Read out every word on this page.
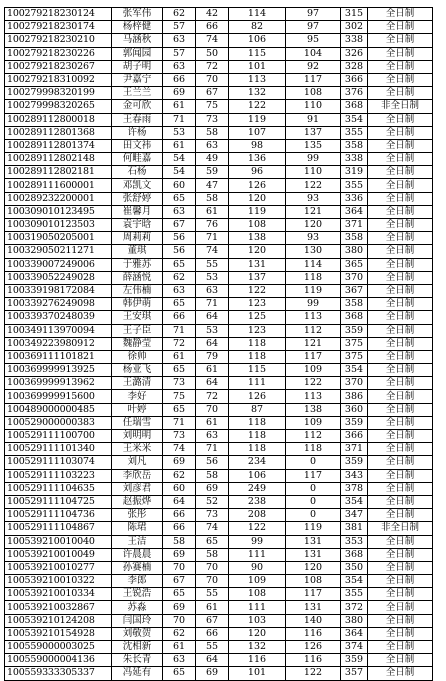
100279218230124	张军伟	62	42	114	97	315	全日制
100279218230174	杨梓健	57	66	82	97	302	全日制
100279218230210	马涵秋	63	74	106	95	338	全日制
100279218230226	郭闻园	57	50	115	104	326	全日制
100279218230267	胡子明	63	72	101	92	328	全日制
100279218310092	尹嘉宁	66	70	113	117	366	全日制
100279998320199	王兰兰	69	67	132	108	376	全日制
100279998320265	金可欣	61	75	122	110	368	非全日制
100289112800018	王春雨	71	73	119	91	354	全日制
100289112801368	许杨	53	58	107	137	355	全日制
100289112801374	田文祎	61	63	98	135	358	全日制
100289112802148	何畦嘉	54	49	136	99	338	全日制
100289112802181	石杨	54	59	96	110	319	全日制
100289111600001	邓凯文	60	47	126	122	355	全日制
100289232200001	张舒婷	65	58	120	93	336	全日制
100309010123495	崔馨月	63	61	119	121	364	全日制
100309010123503	袁宇晗	67	76	108	120	371	全日制
100319050205001	周莉莉	56	71	138	93	358	全日制
100329050211271	董琪	56	74	120	130	380	全日制
100339007249006	于雅苏	65	55	131	114	365	全日制
100339052249028	薛涵悦	62	53	137	118	370	全日制
100339198172084	左伟楠	63	63	122	119	367	全日制
100339276249098	韩伊萌	65	71	123	99	358	全日制
100339370248039	王安琪	66	64	125	113	368	全日制
100349113970094	王子臣	71	53	123	112	359	全日制
100349223980912	魏静莹	72	64	118	121	375	全日制
100369111101821	徐帅	61	79	118	117	375	全日制
100369999913925	杨亚飞	65	61	115	109	354	全日制
100369999913962	王潞清	73	64	111	122	370	全日制
100369999915600	李好	75	72	126	113	386	全日制
100489000000485	叶婷	65	70	87	138	360	全日制
100529000000383	任瑞雪	71	61	118	109	359	全日制
100529111100700	刘明明	73	63	118	112	366	全日制
100529111101340	王米米	74	71	118	118	371	全日制
100529111103074	刘凡	69	56	234	0	359	全日制
100529111103223	李欣岳	62	58	106	117	343	全日制
100529111104635	刘彦君	60	69	249	0	378	全日制
100529111104725	赵振烨	64	52	238	0	354	全日制
100529111104736	张彤	66	73	208	0	347	全日制
100529111104867	陈珺	66	74	122	119	381	非全日制
100539210010040	王洁	58	65	99	131	353	全日制
100539210010049	许晨晨	69	58	111	131	368	全日制
100539210010277	孙赛楠	70	70	90	120	350	全日制
100539210010322	李郎	67	70	109	108	354	全日制
100539210010334	王锐浩	65	55	108	117	355	全日制
100539210032867	苏淼	69	61	111	131	372	全日制
100539210124208	闫国玲	70	67	103	140	380	全日制
100539210154928	刘敬贺	62	66	120	116	364	全日制
100559000003025	沈相新	61	55	132	126	374	全日制
100559000004136	朱长青	63	64	116	116	359	全日制
100559333305337	冯延有	65	69	101	122	357	全日制
